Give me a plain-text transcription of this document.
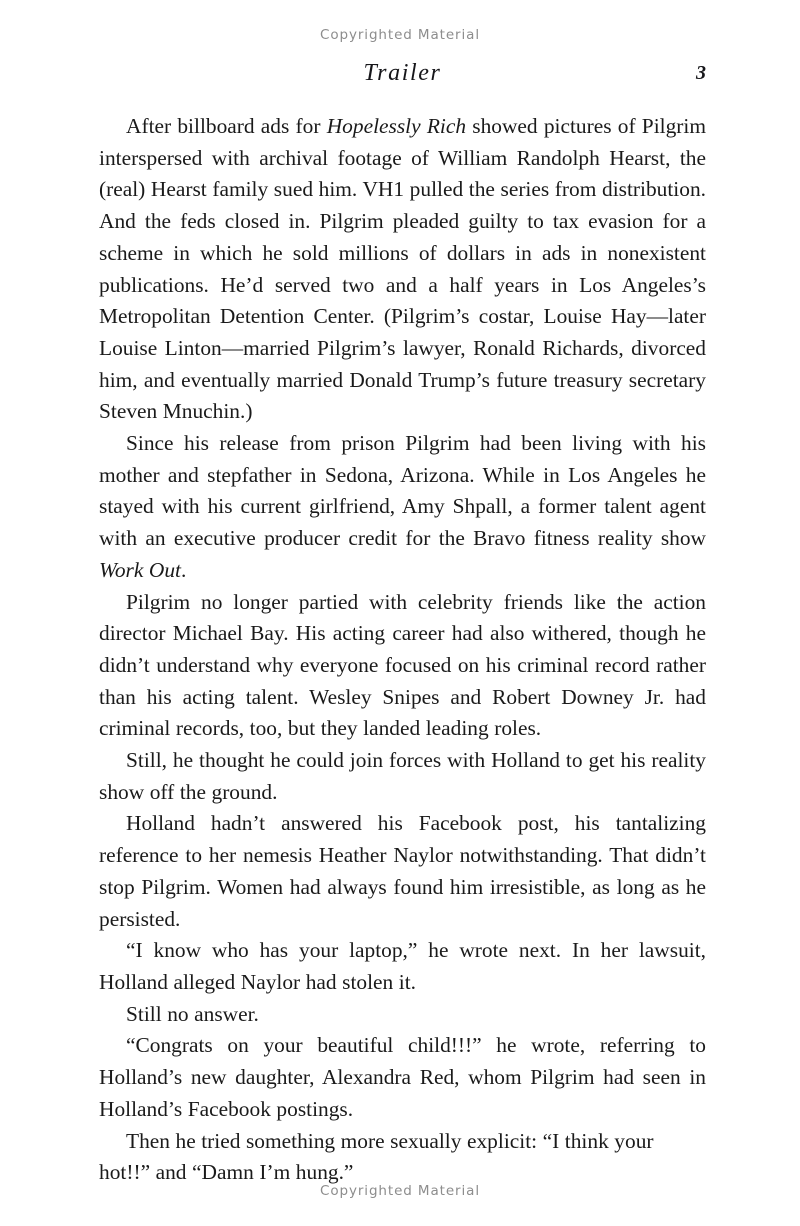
Copyrighted Material
Trailer	3

After billboard ads for Hopelessly Rich showed pictures of Pilgrim interspersed with archival footage of William Randolph Hearst, the (real) Hearst family sued him. VH1 pulled the series from distribution. And the feds closed in. Pilgrim pleaded guilty to tax evasion for a scheme in which he sold millions of dollars in ads in nonexistent publications. He’d served two and a half years in Los Angeles’s Metropolitan Detention Center. (Pilgrim’s costar, Louise Hay—later Louise Linton—married Pilgrim’s lawyer, Ronald Richards, divorced him, and eventually married Donald Trump’s future treasury secretary Steven Mnuchin.)

Since his release from prison Pilgrim had been living with his mother and stepfather in Sedona, Arizona. While in Los Angeles he stayed with his current girlfriend, Amy Shpall, a former talent agent with an executive producer credit for the Bravo fitness reality show Work Out.

Pilgrim no longer partied with celebrity friends like the action director Michael Bay. His acting career had also withered, though he didn’t understand why everyone focused on his criminal record rather than his acting talent. Wesley Snipes and Robert Downey Jr. had criminal records, too, but they landed leading roles.

Still, he thought he could join forces with Holland to get his reality show off the ground.

Holland hadn’t answered his Facebook post, his tantalizing reference to her nemesis Heather Naylor notwithstanding. That didn’t stop Pilgrim. Women had always found him irresistible, as long as he persisted.

“I know who has your laptop,” he wrote next. In her lawsuit, Holland alleged Naylor had stolen it.

Still no answer.

“Congrats on your beautiful child!!!” he wrote, referring to Holland’s new daughter, Alexandra Red, whom Pilgrim had seen in Holland’s Facebook postings.

Then he tried something more sexually explicit: “I think your hot!!” and “Damn I’m hung.”

Copyrighted Material
